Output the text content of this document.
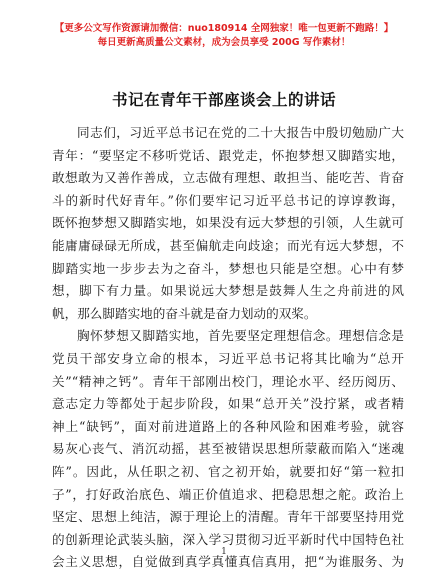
【更多公文写作资源请加微信：nuo180914 全网独家！唯一包更新不跑路！】
每日更新高质量公文素材，成为会员享受 200G 写作素材！
书记在青年干部座谈会上的讲话
同志们，习近平总书记在党的二十大报告中殷切勉励广大
青年：“要坚定不移听党话、跟党走，怀抱梦想又脚踏实地，
敢想敢为又善作善成，立志做有理想、敢担当、能吃苦、肯奋
斗的新时代好青年。”你们要牢记习近平总书记的谆谆教诲，
既怀抱梦想又脚踏实地，如果没有远大梦想的引领，人生就可
能庸庸碌碌无所成，甚至偏航走向歧途；而光有远大梦想，不
脚踏实地一步步去为之奋斗，梦想也只能是空想。心中有梦
想，脚下有力量。如果说远大梦想是鼓舞人生之舟前进的风
帆，那么脚踏实地的奋斗就是奋力划动的双桨。
胸怀梦想又脚踏实地，首先要坚定理想信念。理想信念是
党员干部安身立命的根本，习近平总书记将其比喻为“总开
关”“精神之钙”。青年干部刚出校门，理论水平、经历阅历、
意志定力等都处于起步阶段，如果“总开关”没拧紧，或者精
神上“缺钙”，面对前进道路上的各种风险和困难考验，就容
易灰心丧气、消沉动摇，甚至被错误思想所蒙蔽而陷入“迷魂
阵”。因此，从任职之初、官之初开始，就要扣好“第一粒扣
子”，打好政治底色、端正价值追求、把稳思想之舵。政治上
坚定、思想上纯洁，源于理论上的清醒。青年干部要坚持用党
的创新理论武装头脑，深入学习贯彻习近平新时代中国特色社
会主义思想，自觉做到真学真懂真信真用，把“为谁服务、为
1
